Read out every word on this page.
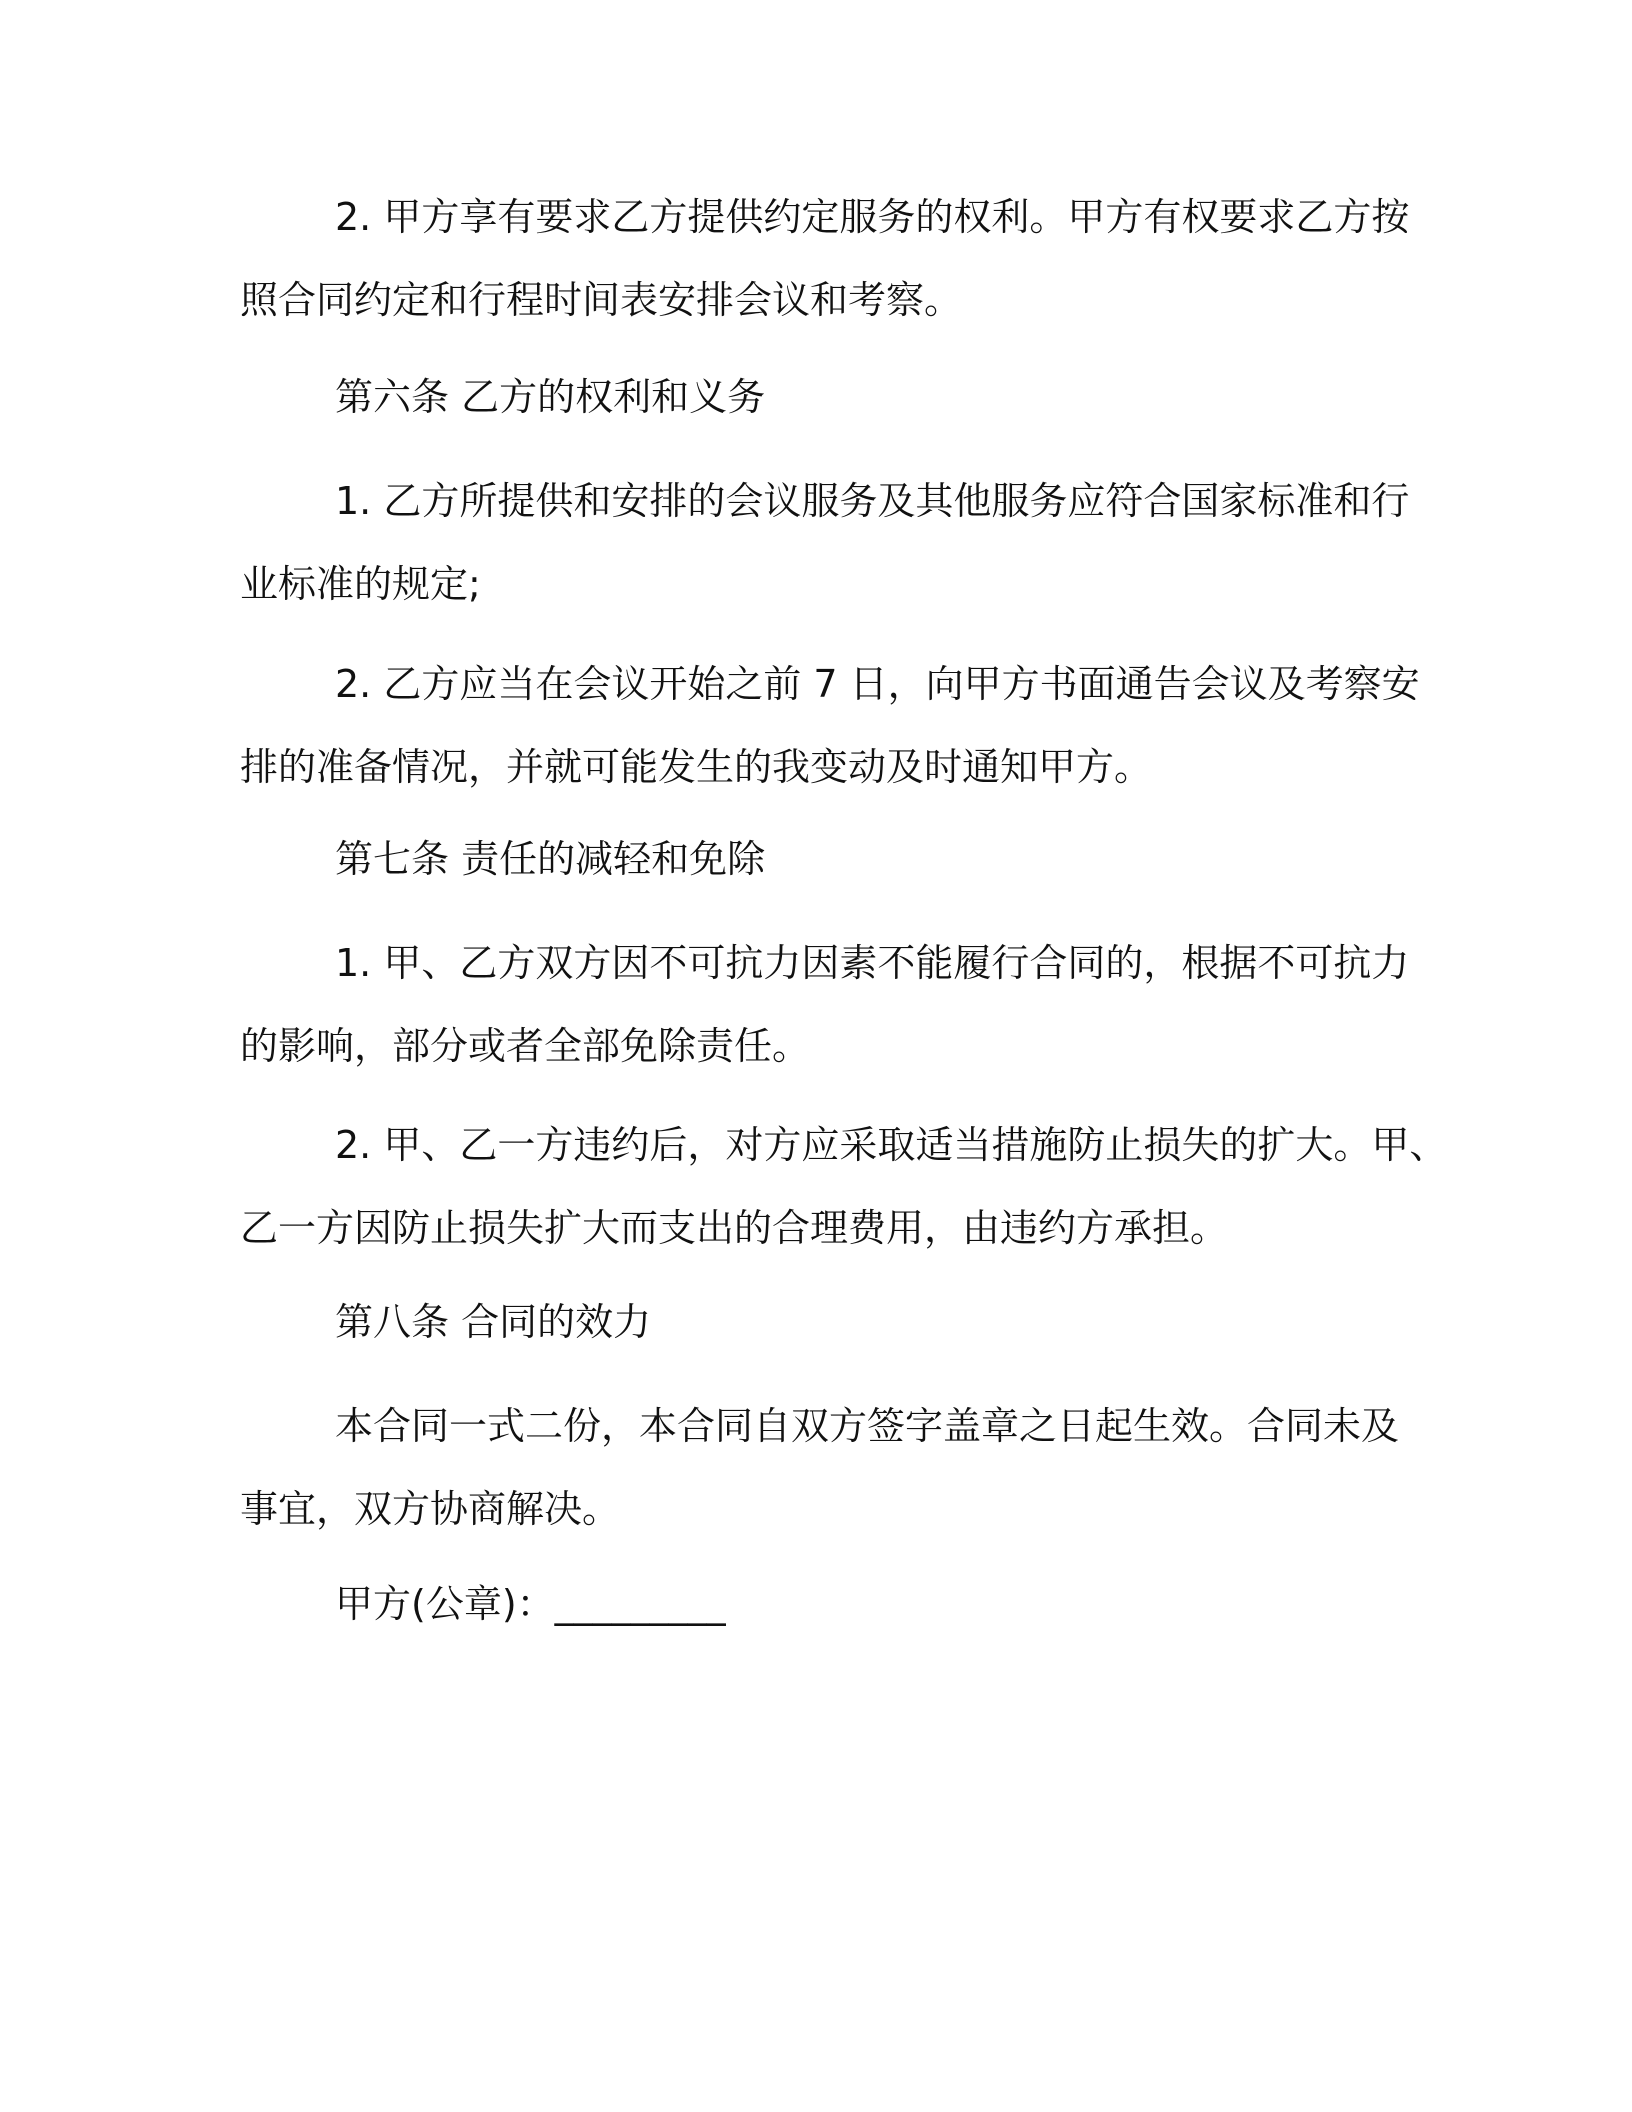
2. 甲方享有要求乙方提供约定服务的权利。甲方有权要求乙方按
照合同约定和行程时间表安排会议和考察。
第六条 乙方的权利和义务
1. 乙方所提供和安排的会议服务及其他服务应符合国家标准和行
业标准的规定;
2. 乙方应当在会议开始之前 7 日，向甲方书面通告会议及考察安
排的准备情况，并就可能发生的我变动及时通知甲方。
第七条 责任的减轻和免除
1. 甲、乙方双方因不可抗力因素不能履行合同的，根据不可抗力
的影响，部分或者全部免除责任。
2. 甲、乙一方违约后，对方应采取适当措施防止损失的扩大。甲、
乙一方因防止损失扩大而支出的合理费用，由违约方承担。
第八条 合同的效力
本合同一式二份，本合同自双方签字盖章之日起生效。合同未及
事宜，双方协商解决。
甲方(公章)：_________
